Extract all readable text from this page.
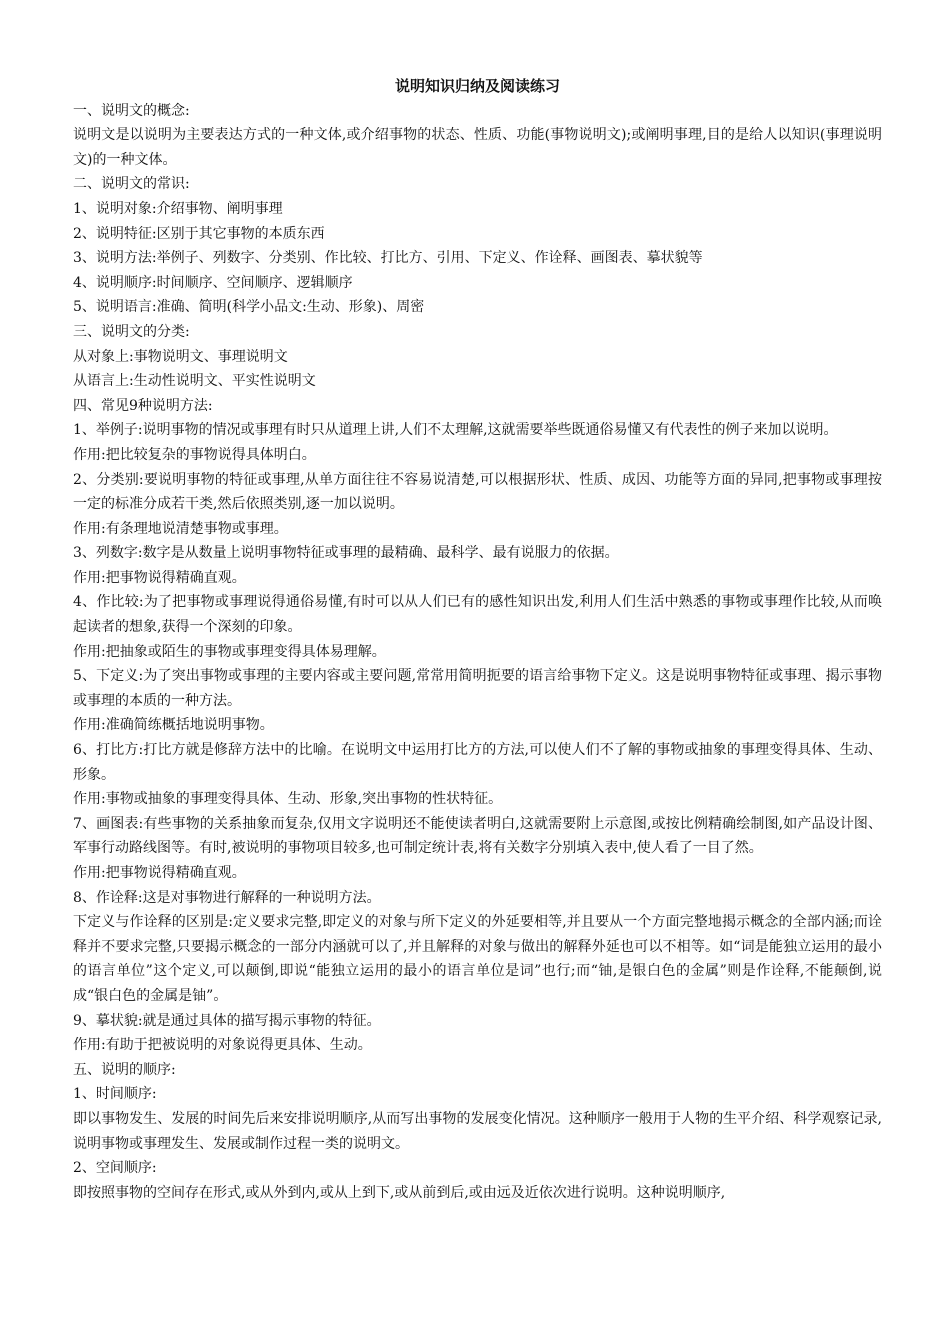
说明知识归纳及阅读练习

一、说明文的概念:

说明文是以说明为主要表达方式的一种文体,或介绍事物的状态、性质、功能(事物说明文);或阐明事理,目的是给人以知识(事理说明文)的一种文体。

二、说明文的常识:

1、说明对象:介绍事物、阐明事理

2、说明特征:区别于其它事物的本质东西

3、说明方法:举例子、列数字、分类别、作比较、打比方、引用、下定义、作诠释、画图表、摹状貌等

4、说明顺序:时间顺序、空间顺序、逻辑顺序

5、说明语言:准确、简明(科学小品文:生动、形象)、周密

三、说明文的分类:

从对象上:事物说明文、事理说明文

从语言上:生动性说明文、平实性说明文

四、常见9种说明方法:

1、举例子:说明事物的情况或事理有时只从道理上讲,人们不太理解,这就需要举些既通俗易懂又有代表性的例子来加以说明。

作用:把比较复杂的事物说得具体明白。

2、分类别:要说明事物的特征或事理,从单方面往往不容易说清楚,可以根据形状、性质、成因、功能等方面的异同,把事物或事理按一定的标准分成若干类,然后依照类别,逐一加以说明。

作用:有条理地说清楚事物或事理。

3、列数字:数字是从数量上说明事物特征或事理的最精确、最科学、最有说服力的依据。

作用:把事物说得精确直观。

4、作比较:为了把事物或事理说得通俗易懂,有时可以从人们已有的感性知识出发,利用人们生活中熟悉的事物或事理作比较,从而唤起读者的想象,获得一个深刻的印象。

作用:把抽象或陌生的事物或事理变得具体易理解。

5、下定义:为了突出事物或事理的主要内容或主要问题,常常用简明扼要的语言给事物下定义。这是说明事物特征或事理、揭示事物或事理的本质的一种方法。

作用:准确简练概括地说明事物。

6、打比方:打比方就是修辞方法中的比喻。在说明文中运用打比方的方法,可以使人们不了解的事物或抽象的事理变得具体、生动、形象。

作用:事物或抽象的事理变得具体、生动、形象,突出事物的性状特征。

7、画图表:有些事物的关系抽象而复杂,仅用文字说明还不能使读者明白,这就需要附上示意图,或按比例精确绘制图,如产品设计图、军事行动路线图等。有时,被说明的事物项目较多,也可制定统计表,将有关数字分别填入表中,使人看了一目了然。

作用:把事物说得精确直观。

8、作诠释:这是对事物进行解释的一种说明方法。

下定义与作诠释的区别是:定义要求完整,即定义的对象与所下定义的外延要相等,并且要从一个方面完整地揭示概念的全部内涵;而诠释并不要求完整,只要揭示概念的一部分内涵就可以了,并且解释的对象与做出的解释外延也可以不相等。如“词是能独立运用的最小的语言单位”这个定义,可以颠倒,即说“能独立运用的最小的语言单位是词”也行;而“铀,是银白色的金属”则是作诠释,不能颠倒,说成“银白色的金属是铀”。

9、摹状貌:就是通过具体的描写揭示事物的特征。

作用:有助于把被说明的对象说得更具体、生动。

五、说明的顺序:

1、时间顺序:

即以事物发生、发展的时间先后来安排说明顺序,从而写出事物的发展变化情况。这种顺序一般用于人物的生平介绍、科学观察记录,说明事物或事理发生、发展或制作过程一类的说明文。

2、空间顺序:

即按照事物的空间存在形式,或从外到内,或从上到下,或从前到后,或由远及近依次进行说明。这种说明顺序,
